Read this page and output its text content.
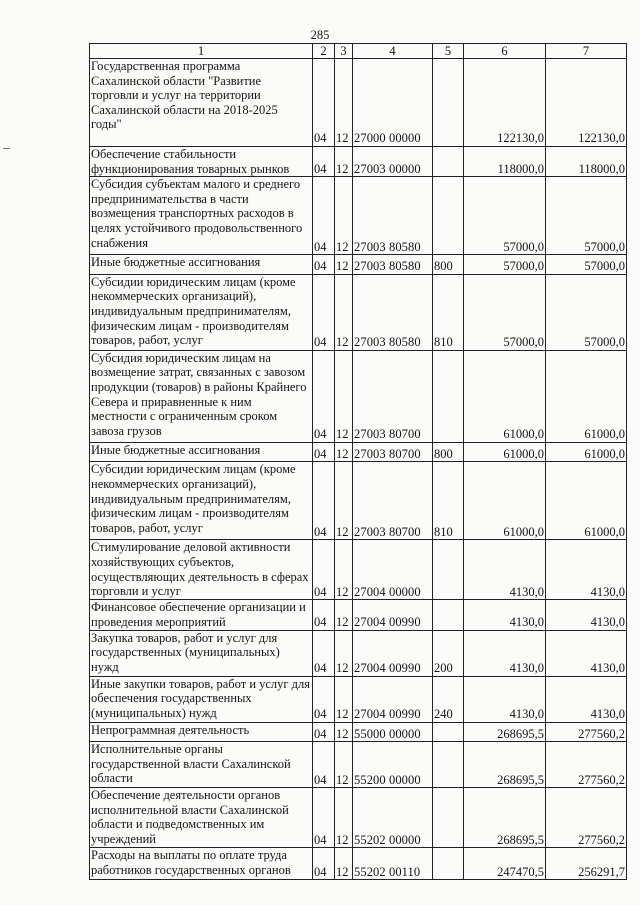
285
1	2	3	4	5	6	7
Государственная программа Сахалинской области "Развитие торговли и услуг на территории Сахалинской области на 2018-2025 годы"	04	12	27000 00000		122130,0	122130,0
Обеспечение стабильности функционирования товарных рынков	04	12	27003 00000		118000,0	118000,0
Субсидия субъектам малого и среднего предпринимательства в части возмещения транспортных расходов в целях устойчивого продовольственного снабжения	04	12	27003 80580		57000,0	57000,0
Иные бюджетные ассигнования	04	12	27003 80580	800	57000,0	57000,0
Субсидии юридическим лицам (кроме некоммерческих организаций), индивидуальным предпринимателям, физическим лицам - производителям товаров, работ, услуг	04	12	27003 80580	810	57000,0	57000,0
Субсидия юридическим лицам на возмещение затрат, связанных с завозом продукции (товаров) в районы Крайнего Севера и приравненные к ним местности с ограниченным сроком завоза грузов	04	12	27003 80700		61000,0	61000,0
Иные бюджетные ассигнования	04	12	27003 80700	800	61000,0	61000,0
Субсидии юридическим лицам (кроме некоммерческих организаций), индивидуальным предпринимателям, физическим лицам - производителям товаров, работ, услуг	04	12	27003 80700	810	61000,0	61000,0
Стимулирование деловой активности хозяйствующих субъектов, осуществляющих деятельность в сферах торговли и услуг	04	12	27004 00000		4130,0	4130,0
Финансовое обеспечение организации и проведения мероприятий	04	12	27004 00990		4130,0	4130,0
Закупка товаров, работ и услуг для государственных (муниципальных) нужд	04	12	27004 00990	200	4130,0	4130,0
Иные закупки товаров, работ и услуг для обеспечения государственных (муниципальных) нужд	04	12	27004 00990	240	4130,0	4130,0
Непрограммная деятельность	04	12	55000 00000		268695,5	277560,2
Исполнительные органы государственной власти Сахалинской области	04	12	55200 00000		268695,5	277560,2
Обеспечение деятельности органов исполнительной власти Сахалинской области и подведомственных им учреждений	04	12	55202 00000		268695,5	277560,2
Расходы на выплаты по оплате труда работников государственных органов	04	12	55202 00110		247470,5	256291,7
